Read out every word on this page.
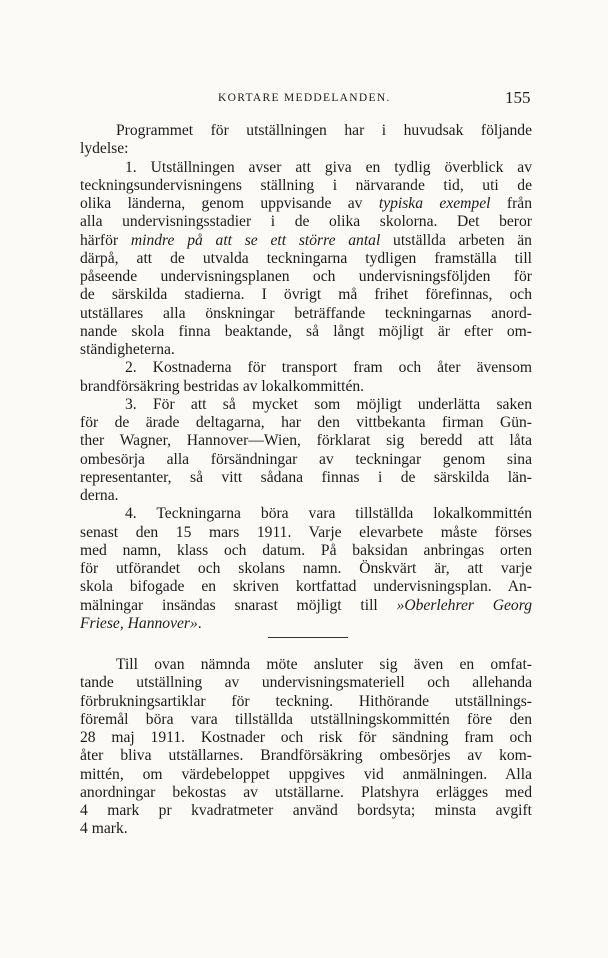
KORTARE MEDDELANDEN.	155
Programmet för utställningen har i huvudsak följande
lydelse:
1. Utställningen avser att giva en tydlig överblick av
teckningsundervisningens ställning i närvarande tid, uti de
olika länderna, genom uppvisande av typiska exempel från
alla undervisningsstadier i de olika skolorna. Det beror
härför mindre på att se ett större antal utställda arbeten än
därpå, att de utvalda teckningarna tydligen framställa till
påseende undervisningsplanen och undervisningsföljden för
de särskilda stadierna. I övrigt må frihet förefinnas, och
utställares alla önskningar beträffande teckningarnas anord-
nande skola finna beaktande, så långt möjligt är efter om-
ständigheterna.
2. Kostnaderna för transport fram och åter ävensom
brandförsäkring bestridas av lokalkommittén.
3. För att så mycket som möjligt underlätta saken
för de ärade deltagarna, har den vittbekanta firman Gün-
ther Wagner, Hannover—Wien, förklarat sig beredd att låta
ombesörja alla försändningar av teckningar genom sina
representanter, så vitt sådana finnas i de särskilda län-
derna.
4. Teckningarna böra vara tillställda lokalkommittén
senast den 15 mars 1911. Varje elevarbete måste förses
med namn, klass och datum. På baksidan anbringas orten
för utförandet och skolans namn. Önskvärt är, att varje
skola bifogade en skriven kortfattad undervisningsplan. An-
mälningar insändas snarast möjligt till »Oberlehrer Georg
Friese, Hannover».
Till ovan nämnda möte ansluter sig även en omfat-
tande utställning av undervisningsmateriell och allehanda
förbrukningsartiklar för teckning. Hithörande utställnings-
föremål böra vara tillställda utställningskommittén före den
28 maj 1911. Kostnader och risk för sändning fram och
åter bliva utställarnes. Brandförsäkring ombesörjes av kom-
mittén, om värdebeloppet uppgives vid anmälningen. Alla
anordningar bekostas av utställarne. Platshyra erlägges med
4 mark pr kvadratmeter använd bordsyta; minsta avgift
4 mark.
